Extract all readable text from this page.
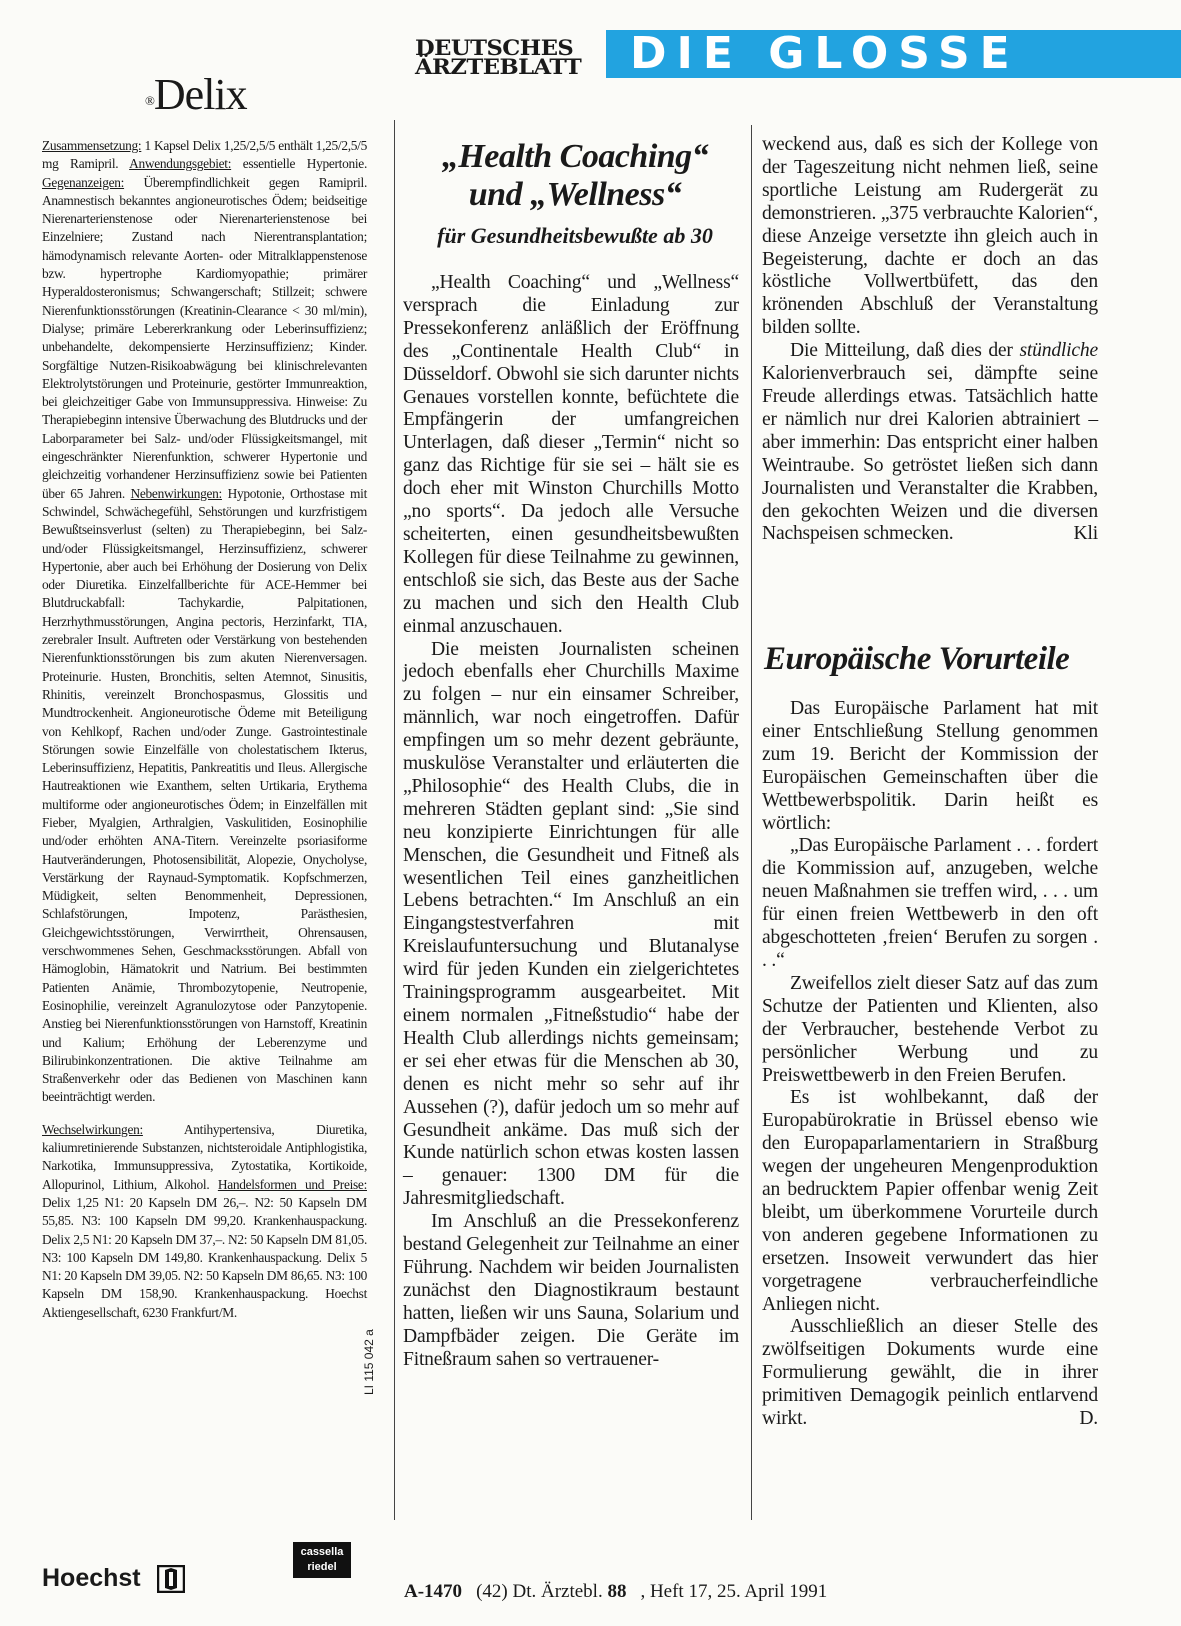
DEUTSCHES
ÄRZTEBLATT	DIE GLOSSE
®Delix

Zusammensetzung: 1 Kapsel Delix 1,25/2,5/5 enthält 1,25/2,5/5 mg Ramipril. Anwendungsgebiet: essentielle Hypertonie. Gegenanzeigen: Überempfindlichkeit gegen Ramipril. Anamnestisch bekanntes angioneurotisches Ödem; beidseitige Nierenarterienstenose oder Nierenarterienstenose bei Einzelniere; Zustand nach Nierentransplantation; hämodynamisch relevante Aorten- oder Mitralklappenstenose bzw. hypertrophe Kardiomyopathie; primärer Hyperaldosteronismus; Schwangerschaft; Stillzeit; schwere Nierenfunktionsstörungen (Kreatinin-Clearance < 30 ml/min), Dialyse; primäre Lebererkrankung oder Leberinsuffizienz; unbehandelte, dekompensierte Herzinsuffizienz; Kinder. Sorgfältige Nutzen-Risikoabwägung bei klinischrelevanten Elektrolytstörungen und Proteinurie, gestörter Immunreaktion, bei gleichzeitiger Gabe von Immunsuppressiva. Hinweise: Zu Therapiebeginn intensive Überwachung des Blutdrucks und der Laborparameter bei Salz- und/oder Flüssigkeitsmangel, mit eingeschränkter Nierenfunktion, schwerer Hypertonie und gleichzeitig vorhandener Herzinsuffizienz sowie bei Patienten über 65 Jahren. Nebenwirkungen: Hypotonie, Orthostase mit Schwindel, Schwächegefühl, Sehstörungen und kurzfristigem Bewußtseinsverlust (selten) zu Therapiebeginn, bei Salz- und/oder Flüssigkeitsmangel, Herzinsuffizienz, schwerer Hypertonie, aber auch bei Erhöhung der Dosierung von Delix oder Diuretika. Einzelfallberichte für ACE-Hemmer bei Blutdruckabfall: Tachykardie, Palpitationen, Herzrhythmusstörungen, Angina pectoris, Herzinfarkt, TIA, zerebraler Insult. Auftreten oder Verstärkung von bestehenden Nierenfunktionsstörungen bis zum akuten Nierenversagen. Proteinurie. Husten, Bronchitis, selten Atemnot, Sinusitis, Rhinitis, vereinzelt Bronchospasmus, Glossitis und Mundtrockenheit. Angioneurotische Ödeme mit Beteiligung von Kehlkopf, Rachen und/oder Zunge. Gastrointestinale Störungen sowie Einzelfälle von cholestatischem Ikterus, Leberinsuffizienz, Hepatitis, Pankreatitis und Ileus. Allergische Hautreaktionen wie Exanthem, selten Urtikaria, Erythema multiforme oder angioneurotisches Ödem; in Einzelfällen mit Fieber, Myalgien, Arthralgien, Vaskulitiden, Eosinophilie und/oder erhöhten ANA-Titern. Vereinzelte psoriasiforme Hautveränderungen, Photosensibilität, Alopezie, Onycholyse, Verstärkung der Raynaud-Symptomatik. Kopfschmerzen, Müdigkeit, selten Benommenheit, Depressionen, Schlafstörungen, Impotenz, Parästhesien, Gleichgewichtsstörungen, Verwirrtheit, Ohrensausen, verschwommenes Sehen, Geschmacksstörungen. Abfall von Hämoglobin, Hämatokrit und Natrium. Bei bestimmten Patienten Anämie, Thrombozytopenie, Neutropenie, Eosinophilie, vereinzelt Agranulozytose oder Panzytopenie. Anstieg bei Nierenfunktionsstörungen von Harnstoff, Kreatinin und Kalium; Erhöhung der Leberenzyme und Bilirubinkonzentrationen. Die aktive Teilnahme am Straßenverkehr oder das Bedienen von Maschinen kann beeinträchtigt werden.

Wechselwirkungen: Antihypertensiva, Diuretika, kaliumretinierende Substanzen, nichtsteroidale Antiphlogistika, Narkotika, Immunsuppressiva, Zytostatika, Kortikoide, Allopurinol, Lithium, Alkohol. Handelsformen und Preise: Delix 1,25 N1: 20 Kapseln DM 26,–. N2: 50 Kapseln DM 55,85. N3: 100 Kapseln DM 99,20. Krankenhauspackung. Delix 2,5 N1: 20 Kapseln DM 37,–. N2: 50 Kapseln DM 81,05. N3: 100 Kapseln DM 149,80. Krankenhauspackung. Delix 5 N1: 20 Kapseln DM 39,05. N2: 50 Kapseln DM 86,65. N3: 100 Kapseln DM 158,90. Krankenhauspackung. Hoechst Aktiengesellschaft, 6230 Frankfurt/M.

LI 115 042 a
Hoechst
cassella
riedel
„Health Coaching“
und „Wellness“
für Gesundheitsbewußte ab 30

„Health Coaching“ und „Wellness“ versprach die Einladung zur Pressekonferenz anläßlich der Eröffnung des „Continentale Health Club“ in Düsseldorf. Obwohl sie sich darunter nichts Genaues vorstellen konnte, befüchtete die Empfängerin der umfangreichen Unterlagen, daß dieser „Termin“ nicht so ganz das Richtige für sie sei – hält sie es doch eher mit Winston Churchills Motto „no sports“. Da jedoch alle Versuche scheiterten, einen gesundheitsbewußten Kollegen für diese Teilnahme zu gewinnen, entschloß sie sich, das Beste aus der Sache zu machen und sich den Health Club einmal anzuschauen.

Die meisten Journalisten scheinen jedoch ebenfalls eher Churchills Maxime zu folgen – nur ein einsamer Schreiber, männlich, war noch eingetroffen. Dafür empfingen um so mehr dezent gebräunte, muskulöse Veranstalter und erläuterten die „Philosophie“ des Health Clubs, die in mehreren Städten geplant sind: „Sie sind neu konzipierte Einrichtungen für alle Menschen, die Gesundheit und Fitneß als wesentlichen Teil eines ganzheitlichen Lebens betrachten.“ Im Anschluß an ein Eingangstestverfahren mit Kreislaufuntersuchung und Blutanalyse wird für jeden Kunden ein zielgerichtetes Trainingsprogramm ausgearbeitet. Mit einem normalen „Fitneßstudio“ habe der Health Club allerdings nichts gemeinsam; er sei eher etwas für die Menschen ab 30, denen es nicht mehr so sehr auf ihr Aussehen (?), dafür jedoch um so mehr auf Gesundheit ankäme. Das muß sich der Kunde natürlich schon etwas kosten lassen – genauer: 1300 DM für die Jahresmitgliedschaft.

Im Anschluß an die Pressekonferenz bestand Gelegenheit zur Teilnahme an einer Führung. Nachdem wir beiden Journalisten zunächst den Diagnostikraum bestaunt hatten, ließen wir uns Sauna, Solarium und Dampfbäder zeigen. Die Geräte im Fitneßraum sahen so vertrauener-

weckend aus, daß es sich der Kollege von der Tageszeitung nicht nehmen ließ, seine sportliche Leistung am Rudergerät zu demonstrieren. „375 verbrauchte Kalorien“, diese Anzeige versetzte ihn gleich auch in Begeisterung, dachte er doch an das köstliche Vollwertbüfett, das den krönenden Abschluß der Veranstaltung bilden sollte.

Die Mitteilung, daß dies der stündliche Kalorienverbrauch sei, dämpfte seine Freude allerdings etwas. Tatsächlich hatte er nämlich nur drei Kalorien abtrainiert – aber immerhin: Das entspricht einer halben Weintraube. So getröstet ließen sich dann Journalisten und Veranstalter die Krabben, den gekochten Weizen und die diversen Nachspeisen schmecken.	Kli

Europäische Vorurteile

Das Europäische Parlament hat mit einer Entschließung Stellung genommen zum 19. Bericht der Kommission der Europäischen Gemeinschaften über die Wettbewerbspolitik. Darin heißt es wörtlich:

„Das Europäische Parlament . . . fordert die Kommission auf, anzugeben, welche neuen Maßnahmen sie treffen wird, . . . um für einen freien Wettbewerb in den oft abgeschotteten ‚freien‘ Berufen zu sorgen . . .“

Zweifellos zielt dieser Satz auf das zum Schutze der Patienten und Klienten, also der Verbraucher, bestehende Verbot zu persönlicher Werbung und zu Preiswettbewerb in den Freien Berufen.

Es ist wohlbekannt, daß der Europabürokratie in Brüssel ebenso wie den Europaparlamentariern in Straßburg wegen der ungeheuren Mengenproduktion an bedrucktem Papier offenbar wenig Zeit bleibt, um überkommene Vorurteile durch von anderen gegebene Informationen zu ersetzen. Insoweit verwundert das hier vorgetragene verbraucherfeindliche Anliegen nicht.

Ausschließlich an dieser Stelle des zwölfseitigen Dokuments wurde eine Formulierung gewählt, die in ihrer primitiven Demagogik peinlich entlarvend wirkt.	D.

A-1470 (42) Dt. Ärztebl. 88 , Heft 17, 25. April 1991
